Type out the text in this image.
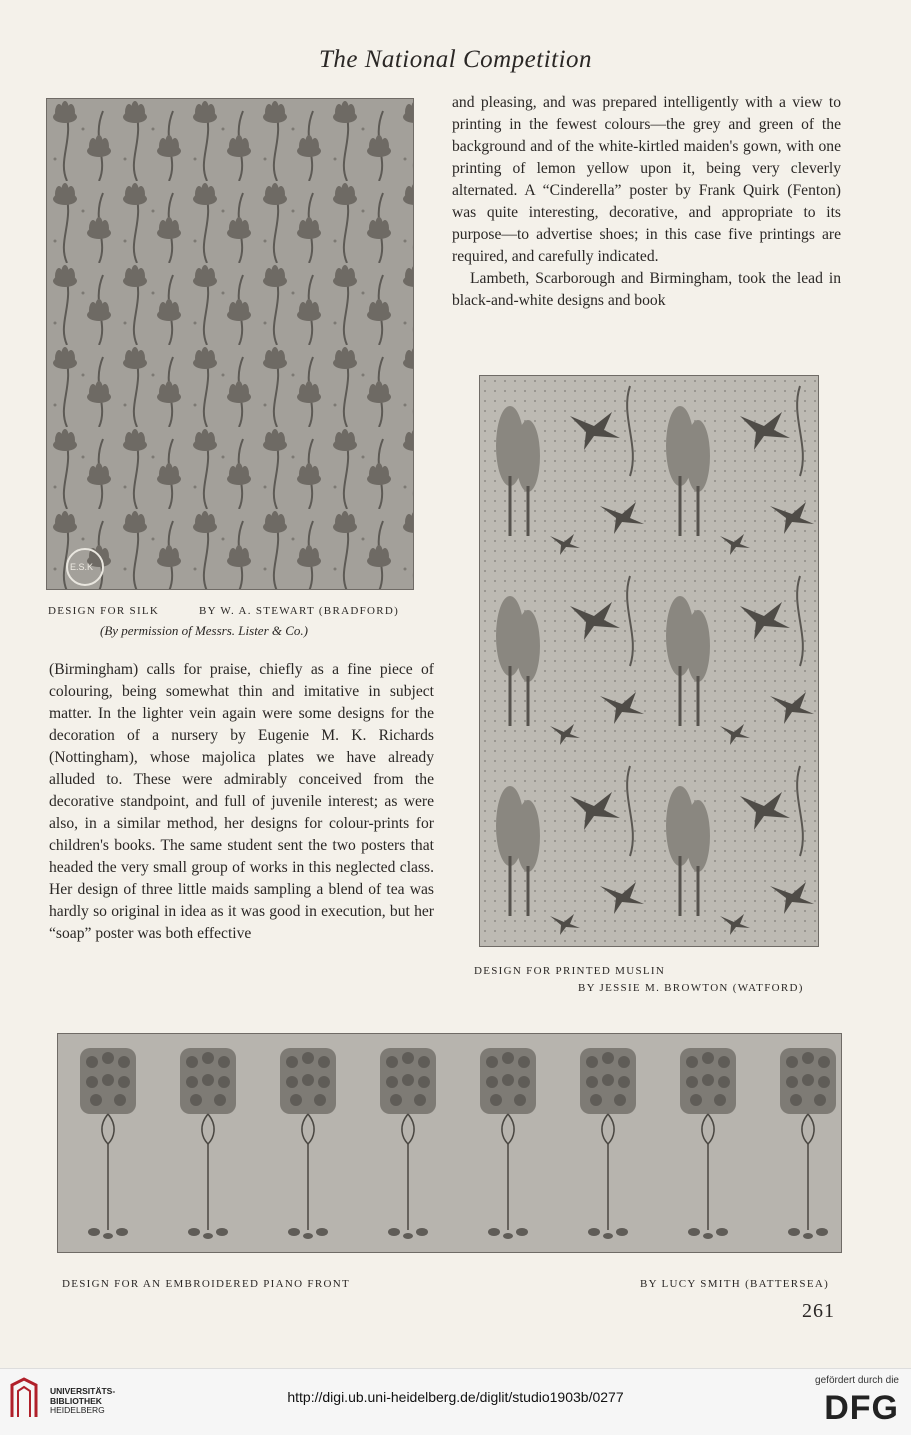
The National Competition
E.S.K
DESIGN FOR SILK	BY W. A. STEWART (BRADFORD)
(By permission of Messrs. Lister & Co.)

and pleasing, and was prepared intelligently with a view to printing in the fewest colours—the grey and green of the background and of the white-kirtled maiden's gown, with one printing of lemon yellow upon it, being very cleverly alternated. A “Cinderella” poster by Frank Quirk (Fenton) was quite interesting, decorative, and appropriate to its purpose—to advertise shoes; in this case five printings are required, and carefully indicated.

Lambeth, Scarborough and Birmingham, took the lead in black-and-white designs and book

DESIGN FOR PRINTED MUSLIN
BY JESSIE M. BROWTON (WATFORD)

(Birmingham) calls for praise, chiefly as a fine piece of colouring, being somewhat thin and imitative in subject matter. In the lighter vein again were some designs for the decoration of a nursery by Eugenie M. K. Richards (Nottingham), whose majolica plates we have already alluded to. These were admirably conceived from the decorative standpoint, and full of juvenile interest; as were also, in a similar method, her designs for colour-prints for children's books. The same student sent the two posters that headed the very small group of works in this neglected class. Her design of three little maids sampling a blend of tea was hardly so original in idea as it was good in execution, but her “soap” poster was both effective

DESIGN FOR AN EMBROIDERED PIANO FRONT	BY LUCY SMITH (BATTERSEA)
261
UNIVERSITÄTS-
BIBLIOTHEK
HEIDELBERG
http://digi.ub.uni-heidelberg.de/diglit/studio1903b/0277
gefördert durch die
DFG
